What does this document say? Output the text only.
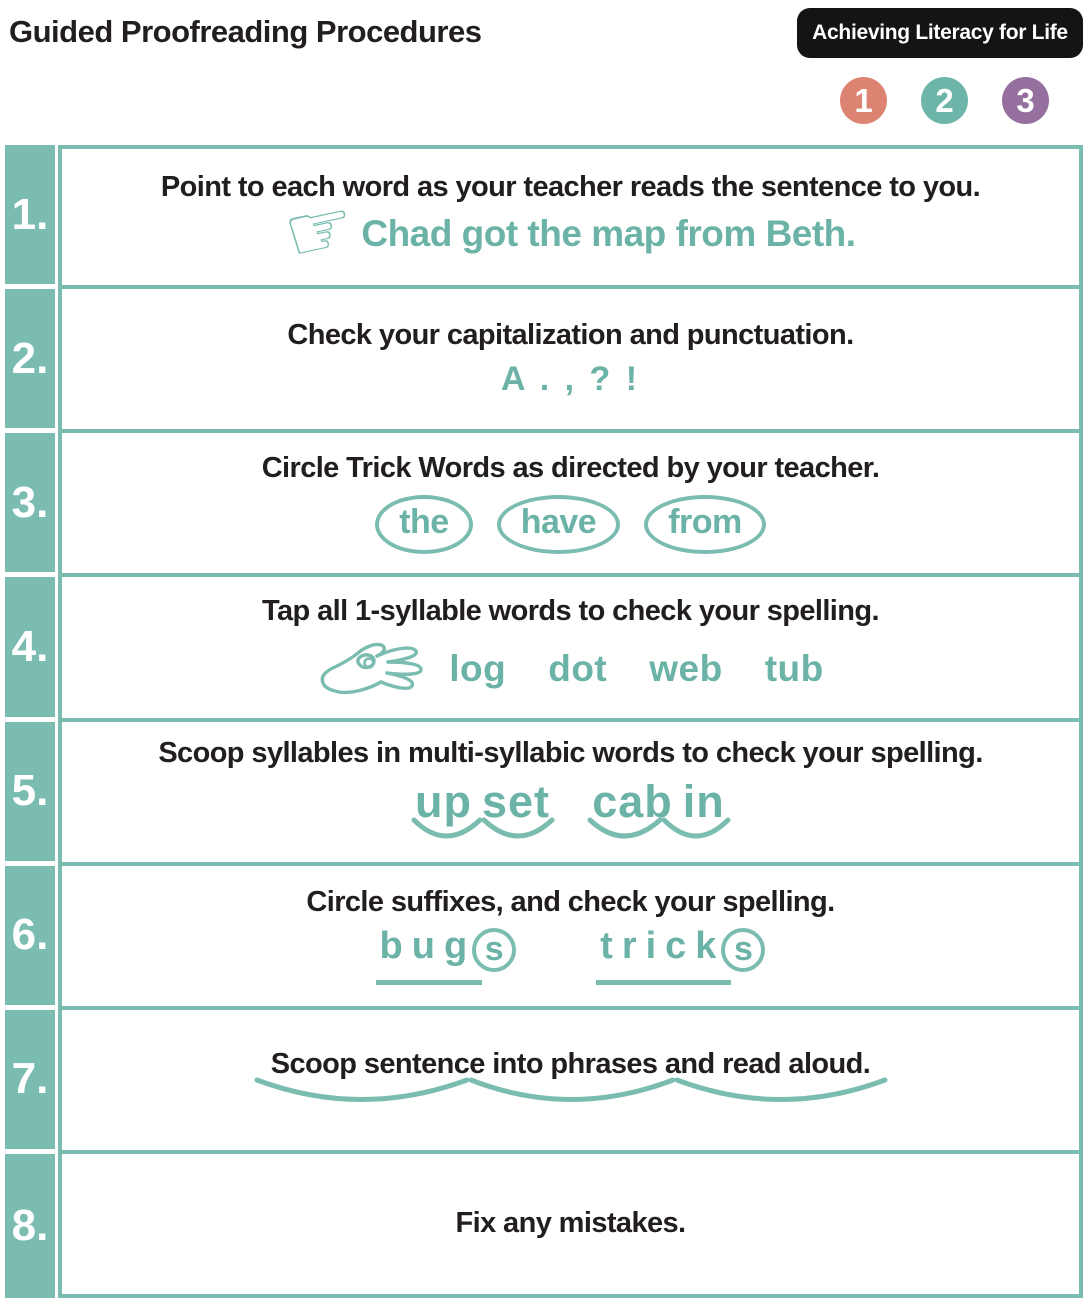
Guided Proofreading Procedures	Achieving Literacy for Life
1	2	3
1.
Point to each word as your teacher reads the sentence to you.
☞
Chad got the map from Beth.
2.	Check your capitalization and punctuation.
A . , ? !
3.
Circle Trick Words as directed by your teacher.
the	have	from
4.
Tap all 1-syllable words to check your spelling.
log dot web tub
5.
Scoop syllables in multi-syllabic words to check your spelling.
up set cab in
6.
Circle suffixes, and check your spelling.
bug s	trick s
7.	Scoop sentence into phrases and read aloud.
8.	Fix any mistakes.
